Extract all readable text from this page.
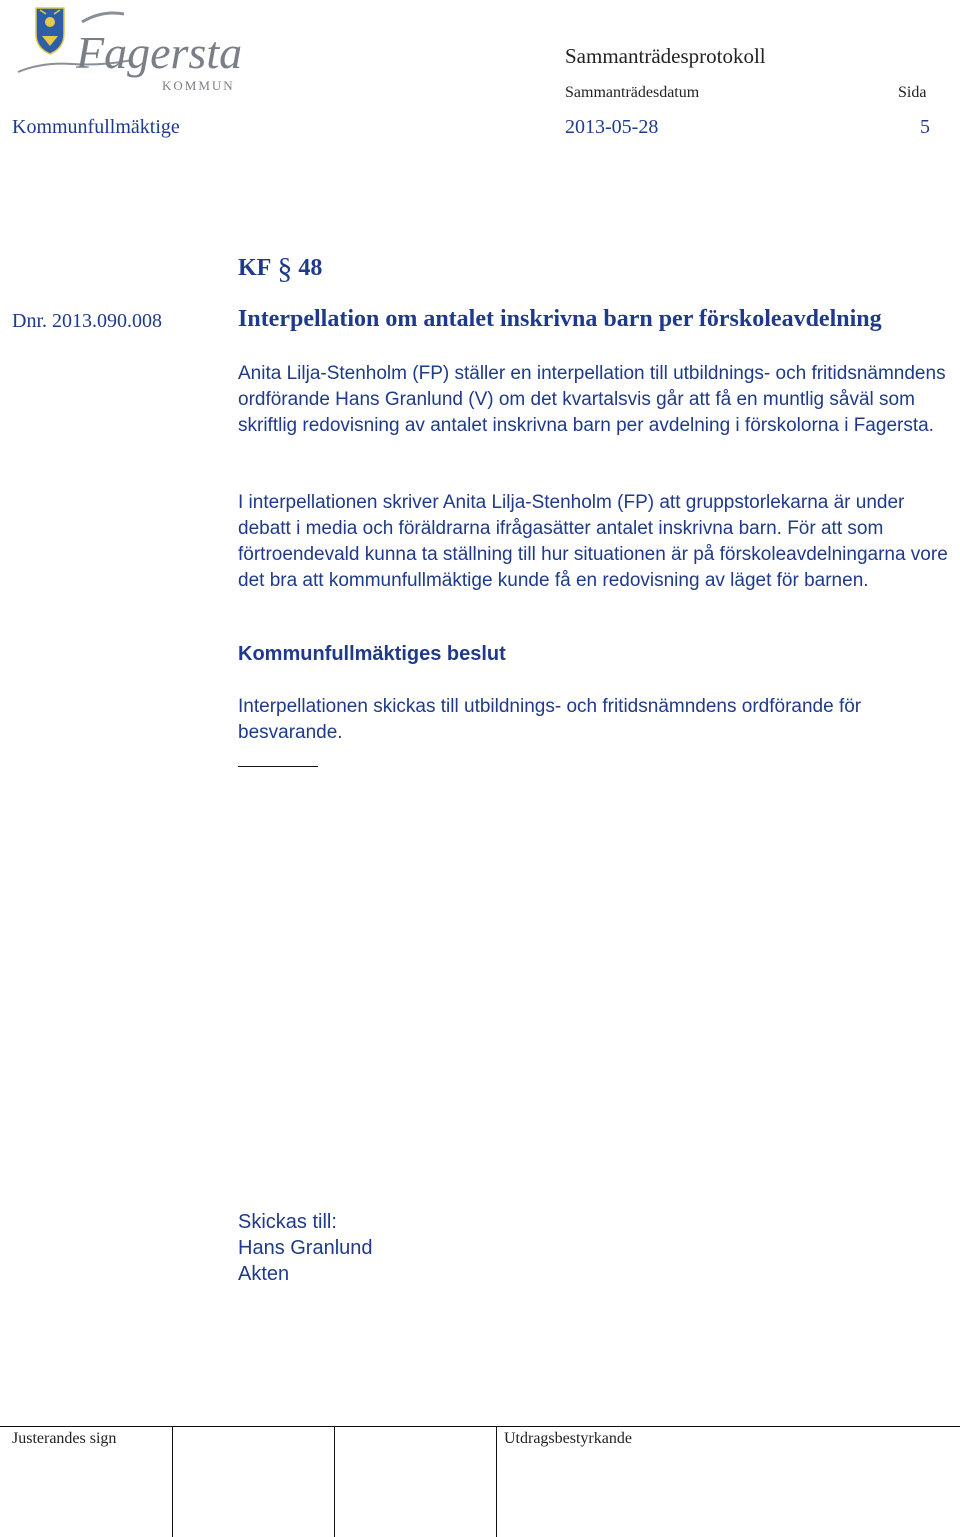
Fagersta
KOMMUN
Sammanträdesprotokoll
Sammanträdesdatum	Sida
Kommunfullmäktige	2013-05-28	5
KF § 48
Dnr. 2013.090.008	Interpellation om antalet inskrivna barn per förskoleavdelning
Anita Lilja-Stenholm (FP) ställer en interpellation till utbildnings- och fritidsnämndens ordförande Hans Granlund (V) om det kvartalsvis går att få en muntlig såväl som skriftlig redovisning av antalet inskrivna barn per avdelning i förskolorna i Fagersta.
I interpellationen skriver Anita Lilja-Stenholm (FP) att gruppstorlekarna är under debatt i media och föräldrarna ifrågasätter antalet inskrivna barn. För att som förtroendevald kunna ta ställning till hur situationen är på förskoleavdelningarna vore det bra att kommunfullmäktige kunde få en redovisning av läget för barnen.
Kommunfullmäktiges beslut
Interpellationen skickas till utbildnings- och fritidsnämndens ordförande för besvarande.
Skickas till:
Hans Granlund
Akten
Justerandes sign	Utdragsbestyrkande
